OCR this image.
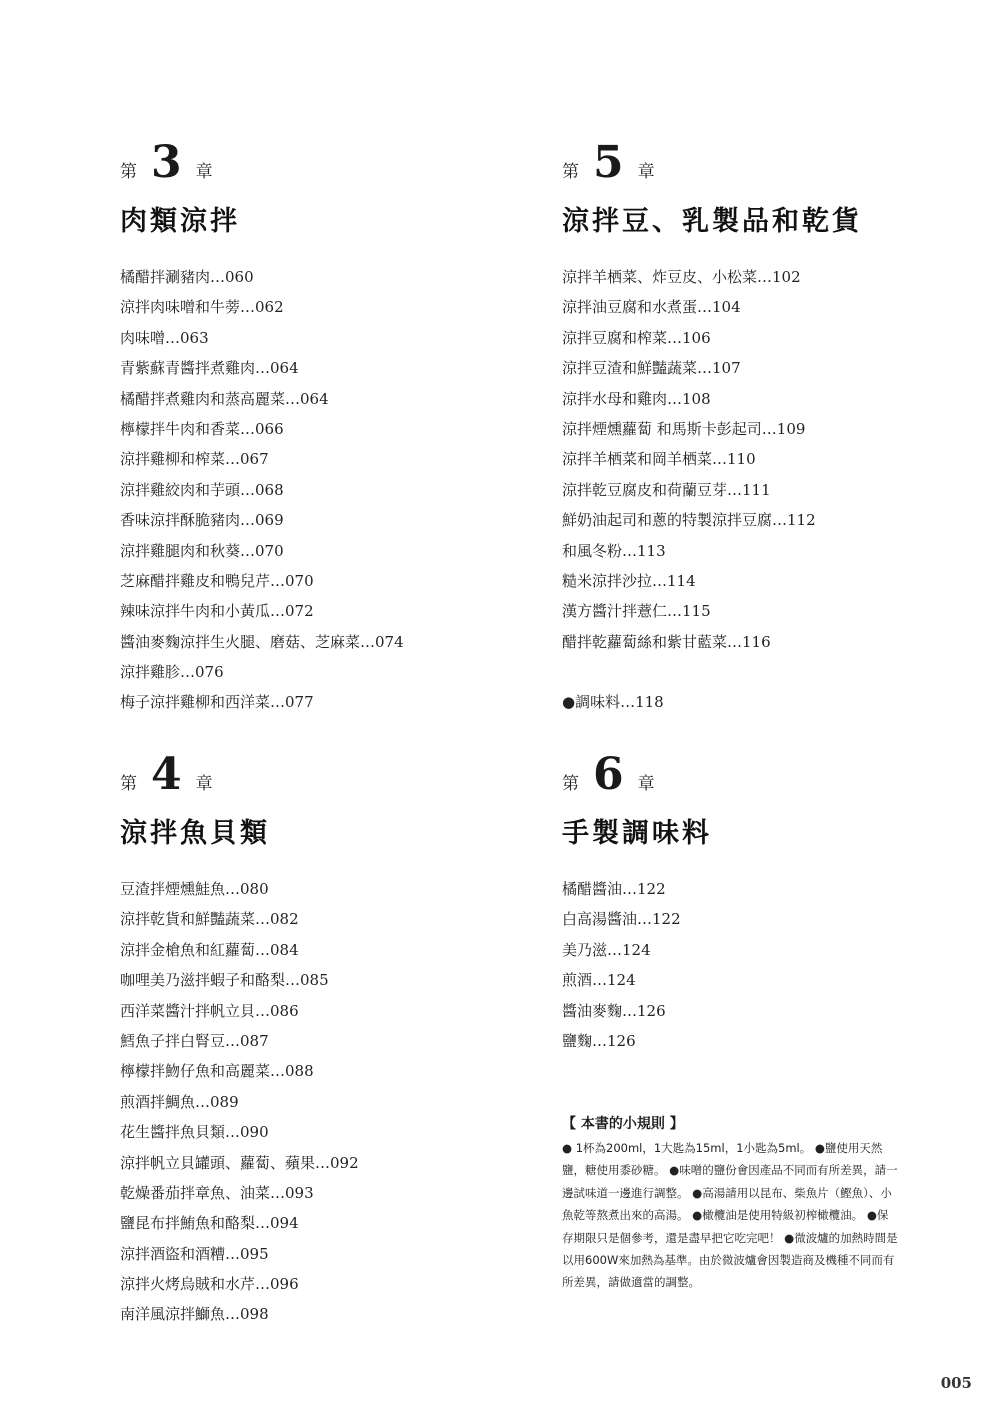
第 3 章
肉類涼拌
橘醋拌涮豬肉…060
涼拌肉味噌和牛蒡…062
肉味噌…063
青紫蘇青醬拌煮雞肉…064
橘醋拌煮雞肉和蒸高麗菜…064
檸檬拌牛肉和香菜…066
涼拌雞柳和榨菜…067
涼拌雞絞肉和芋頭…068
香味涼拌酥脆豬肉…069
涼拌雞腿肉和秋葵…070
芝麻醋拌雞皮和鴨兒芹…070
辣味涼拌牛肉和小黃瓜…072
醬油麥麴涼拌生火腿、磨菇、芝麻菜…074
涼拌雞胗…076
梅子涼拌雞柳和西洋菜…077
第 5 章
涼拌豆、乳製品和乾貨
涼拌羊栖菜、炸豆皮、小松菜…102
涼拌油豆腐和水煮蛋…104
涼拌豆腐和榨菜…106
涼拌豆渣和鮮豔蔬菜…107
涼拌水母和雞肉…108
涼拌煙燻蘿蔔 和馬斯卡彭起司…109
涼拌羊栖菜和岡羊栖菜…110
涼拌乾豆腐皮和荷蘭豆芽…111
鮮奶油起司和蔥的特製涼拌豆腐…112
和風冬粉…113
糙米涼拌沙拉…114
漢方醬汁拌薏仁…115
醋拌乾蘿蔔絲和紫甘藍菜…116
●調味料…118
第 4 章
涼拌魚貝類
豆渣拌煙燻鮭魚…080
涼拌乾貨和鮮豔蔬菜…082
涼拌金槍魚和紅蘿蔔…084
咖哩美乃滋拌蝦子和酪梨…085
西洋菜醬汁拌帆立貝…086
鱈魚子拌白腎豆…087
檸檬拌魩仔魚和高麗菜…088
煎酒拌鯛魚…089
花生醬拌魚貝類…090
涼拌帆立貝罐頭、蘿蔔、蘋果…092
乾燥番茄拌章魚、油菜…093
鹽昆布拌鮪魚和酪梨…094
涼拌酒盜和酒糟…095
涼拌火烤烏賊和水芹…096
南洋風涼拌鰤魚…098
第 6 章
手製調味料
橘醋醬油…122
白高湯醬油…122
美乃滋…124
煎酒…124
醬油麥麴…126
鹽麴…126
【 本書的小規則 】
● 1杯為200ml，1大匙為15ml，1小匙為5ml。 ●鹽使用天然鹽，糖使用黍砂糖。 ●味噌的鹽份會因產品不同而有所差異，請一邊試味道一邊進行調整。 ●高湯請用以昆布、柴魚片（鰹魚）、小魚乾等熬煮出來的高湯。 ●橄欖油是使用特級初榨橄欖油。 ●保存期限只是個參考，還是盡早把它吃完吧！ ●微波爐的加熱時間是以用600W來加熱為基準。由於微波爐會因製造商及機種不同而有所差異，請做適當的調整。
005
